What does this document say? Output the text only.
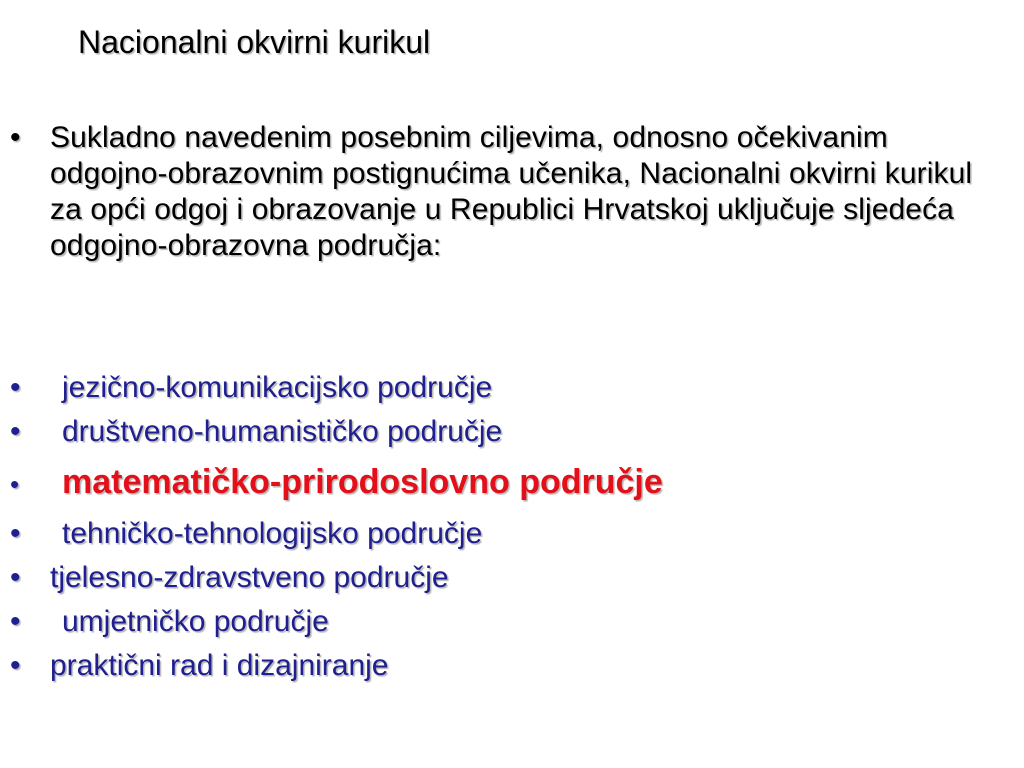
Nacionalni okvirni kurikul
• Sukladno navedenim posebnim ciljevima, odnosno očekivanim odgojno-obrazovnim postignućima učenika, Nacionalni okvirni kurikul za opći odgoj i obrazovanje u Republici Hrvatskoj uključuje sljedeća odgojno-obrazovna područja:
•	jezično-komunikacijsko područje
•	društveno-humanističko područje
•	matematičko-prirodoslovno područje
•	tehničko-tehnologijsko područje
• tjelesno-zdravstveno područje
•	umjetničko područje
• praktični rad i dizajniranje
